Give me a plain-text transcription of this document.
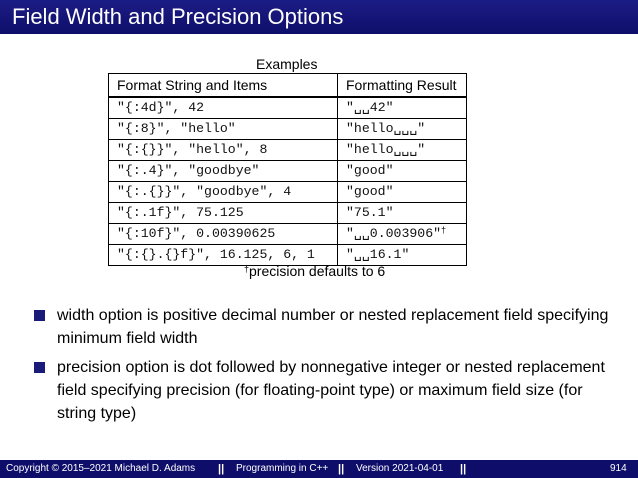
Field Width and Precision Options
Examples
Format String and Items	Formatting Result
"{:4d}", 42	"␣␣42"
"{:8}", "hello"	"hello␣␣␣"
"{:{}}", "hello", 8	"hello␣␣␣"
"{:.4}", "goodbye"	"good"
"{:.{}}", "goodbye", 4	"good"
"{:.1f}", 75.125	"75.1"
"{:10f}", 0.00390625	"␣␣0.003906"†
"{:{}.{}f}", 16.125, 6, 1	"␣␣16.1"
†precision defaults to 6
width option is positive decimal number or nested replacement field specifying minimum field width
precision option is dot followed by nonnegative integer or nested replacement field specifying precision (for floating-point type) or maximum field size (for string type)
Copyright © 2015–2021 Michael D. Adams || Programming in C++ || Version 2021-04-01 ||	914
